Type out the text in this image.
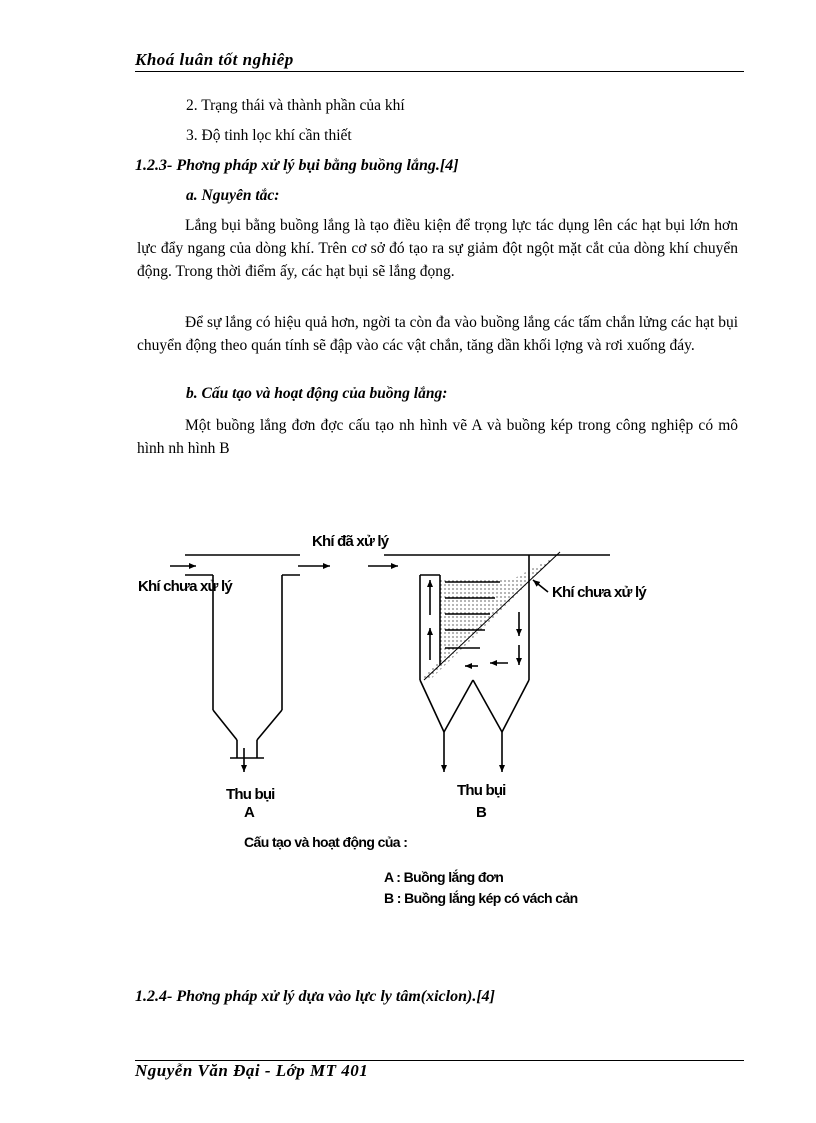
Khoá luân tốt nghiêp
2. Trạng thái và thành phần của khí
3. Độ tinh lọc khí cần thiết
1.2.3- Phơng pháp xử lý bụi bằng buồng lắng.[4]
a. Nguyên tắc:
Lắng bụi bằng buồng lắng là tạo điều kiện để trọng lực tác dụng lên các hạt bụi lớn hơn lực đẩy ngang của dòng khí. Trên cơ sở đó tạo ra sự giảm đột ngột mặt cắt của dòng khí chuyển động. Trong thời điểm ấy, các hạt bụi sẽ lắng đọng.
Để sự lắng có hiệu quả hơn, ngời ta còn đa vào buồng lắng các tấm chắn lửng các hạt bụi chuyển động theo quán tính sẽ đập vào các vật chắn, tăng dần khối lợng và rơi xuống đáy.
b. Cấu tạo và hoạt động của buồng lắng:
Một buồng lắng đơn đợc cấu tạo nh hình vẽ A và buồng kép trong công nghiệp có mô hình nh hình B
Khí đã xử lý
Khí chưa xử lý	Khí chưa xử lý
Thu bụi
A
Thu bụi
B
Cấu tạo và hoạt động của :
A : Buồng lắng đơn
B : Buồng lắng kép có vách cản
1.2.4- Phơng pháp xử lý dựa vào lực ly tâm(xiclon).[4]
Nguyễn Văn Đại - Lớp MT 401
